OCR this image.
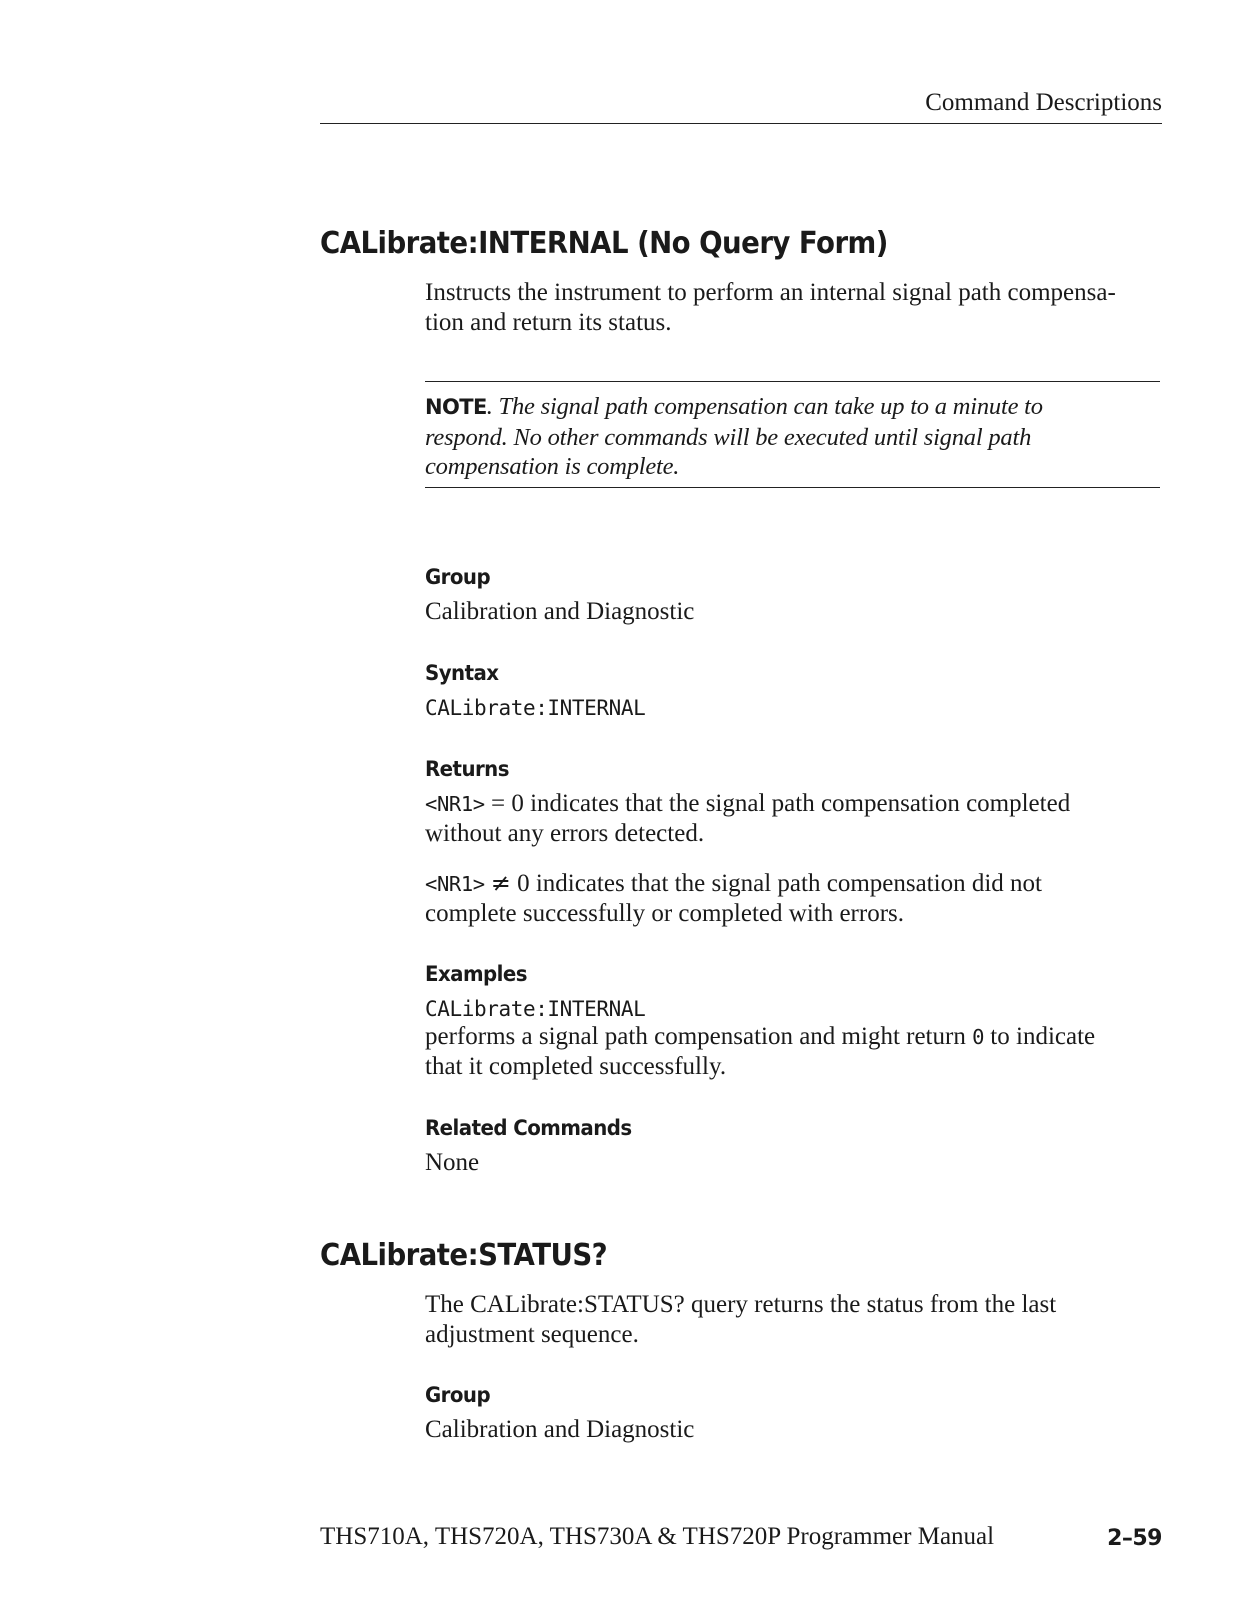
Command Descriptions
CALibrate:INTERNAL (No Query Form)

Instructs the instrument to perform an internal signal path compensa-
tion and return its status.

NOTE. The signal path compensation can take up to a minute to
respond. No other commands will be executed until signal path
compensation is complete.

Group

Calibration and Diagnostic

Syntax

CALibrate:INTERNAL

Returns

<NR1> = 0 indicates that the signal path compensation completed
without any errors detected.

<NR1> ≠ 0 indicates that the signal path compensation did not
complete successfully or completed with errors.

Examples

CALibrate:INTERNAL

performs a signal path compensation and might return 0 to indicate
that it completed successfully.

Related Commands

None

CALibrate:STATUS?

The CALibrate:STATUS? query returns the status from the last
adjustment sequence.

Group

Calibration and Diagnostic

THS710A, THS720A, THS730A & THS720P Programmer Manual	2–59
